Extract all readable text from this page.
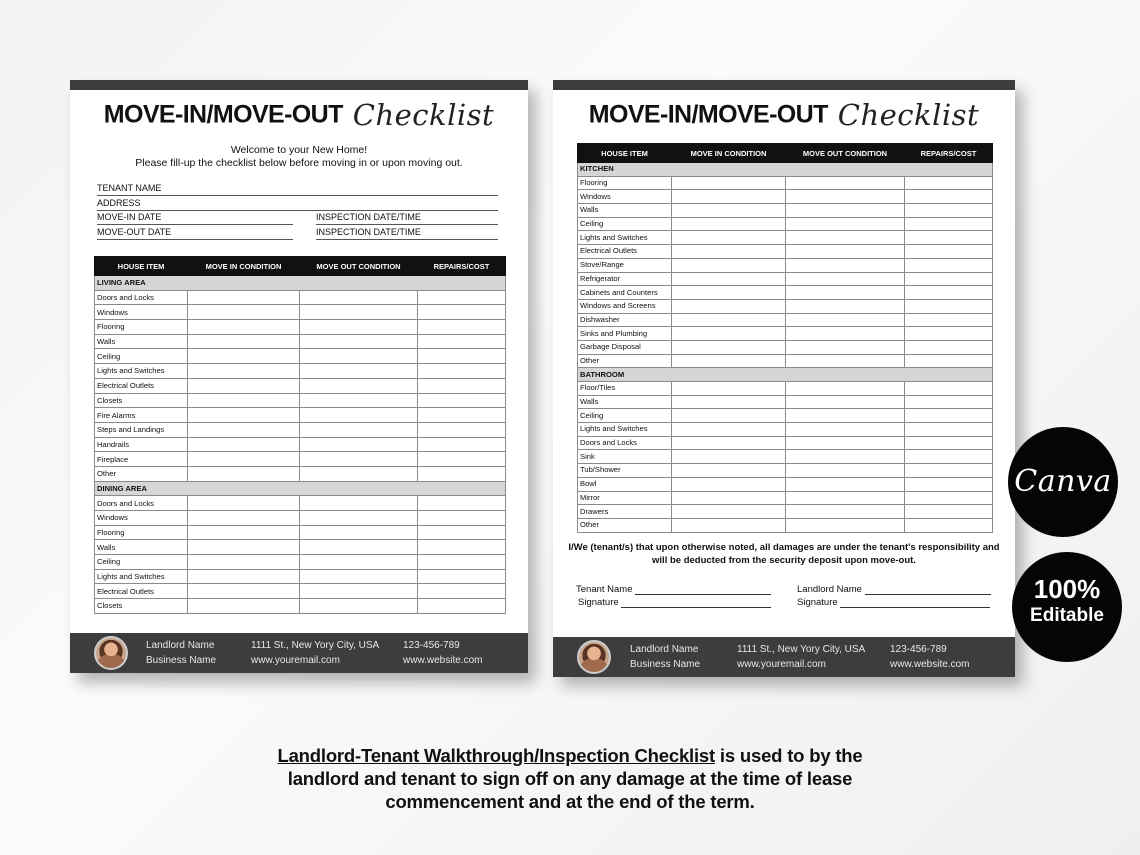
MOVE-IN/MOVE-OUT Checklist
Welcome to your New Home!
Please fill-up the checklist below before moving in or upon moving out.
TENANT NAME
ADDRESS
MOVE-IN DATE	INSPECTION DATE/TIME
MOVE-OUT DATE	INSPECTION DATE/TIME
HOUSE ITEM	MOVE IN CONDITION	MOVE OUT CONDITION	REPAIRS/COST
LIVING AREA			
Doors and Locks			
Windows			
Flooring			
Walls			
Ceiling			
Lights and Switches			
Electrical Outlets			
Closets			
Fire Alarms			
Steps and Landings			
Handrails			
Fireplace			
Other			
DINING AREA			
Doors and Locks			
Windows			
Flooring			
Walls			
Ceiling			
Lights and Switches			
Electrical Outlets			
Closets			
Landlord Name
Business Name
1111 St., New Yory City, USA
www.youremail.com
123-456-789
www.website.com
MOVE-IN/MOVE-OUT Checklist
HOUSE ITEM	MOVE IN CONDITION	MOVE OUT CONDITION	REPAIRS/COST
KITCHEN			
Flooring			
Windows			
Walls			
Ceiling			
Lights and Switches			
Electrical Outlets			
Stove/Range			
Refrigerator			
Cabinets and Counters			
Windows and Screens			
Dishwasher			
Sinks and Plumbing			
Garbage Disposal			
Other			
BATHROOM			
Floor/Tiles			
Walls			
Ceiling			
Lights and Switches			
Doors and Locks			
Sink			
Tub/Shower			
Bowl			
Mirror			
Drawers			
Other			
I/We (tenant/s) that upon otherwise noted, all damages are under the tenant's responsibility and
will be deducted from the security deposit upon move-out.
Tenant Name
Signature
Landlord Name
Signature
Landlord Name
Business Name
1111 St., New Yory City, USA
www.youremail.com
123-456-789
www.website.com
Canva
100%
Editable
Landlord-Tenant Walkthrough/Inspection Checklist is used to by the
landlord and tenant to sign off on any damage at the time of lease
commencement and at the end of the term.
